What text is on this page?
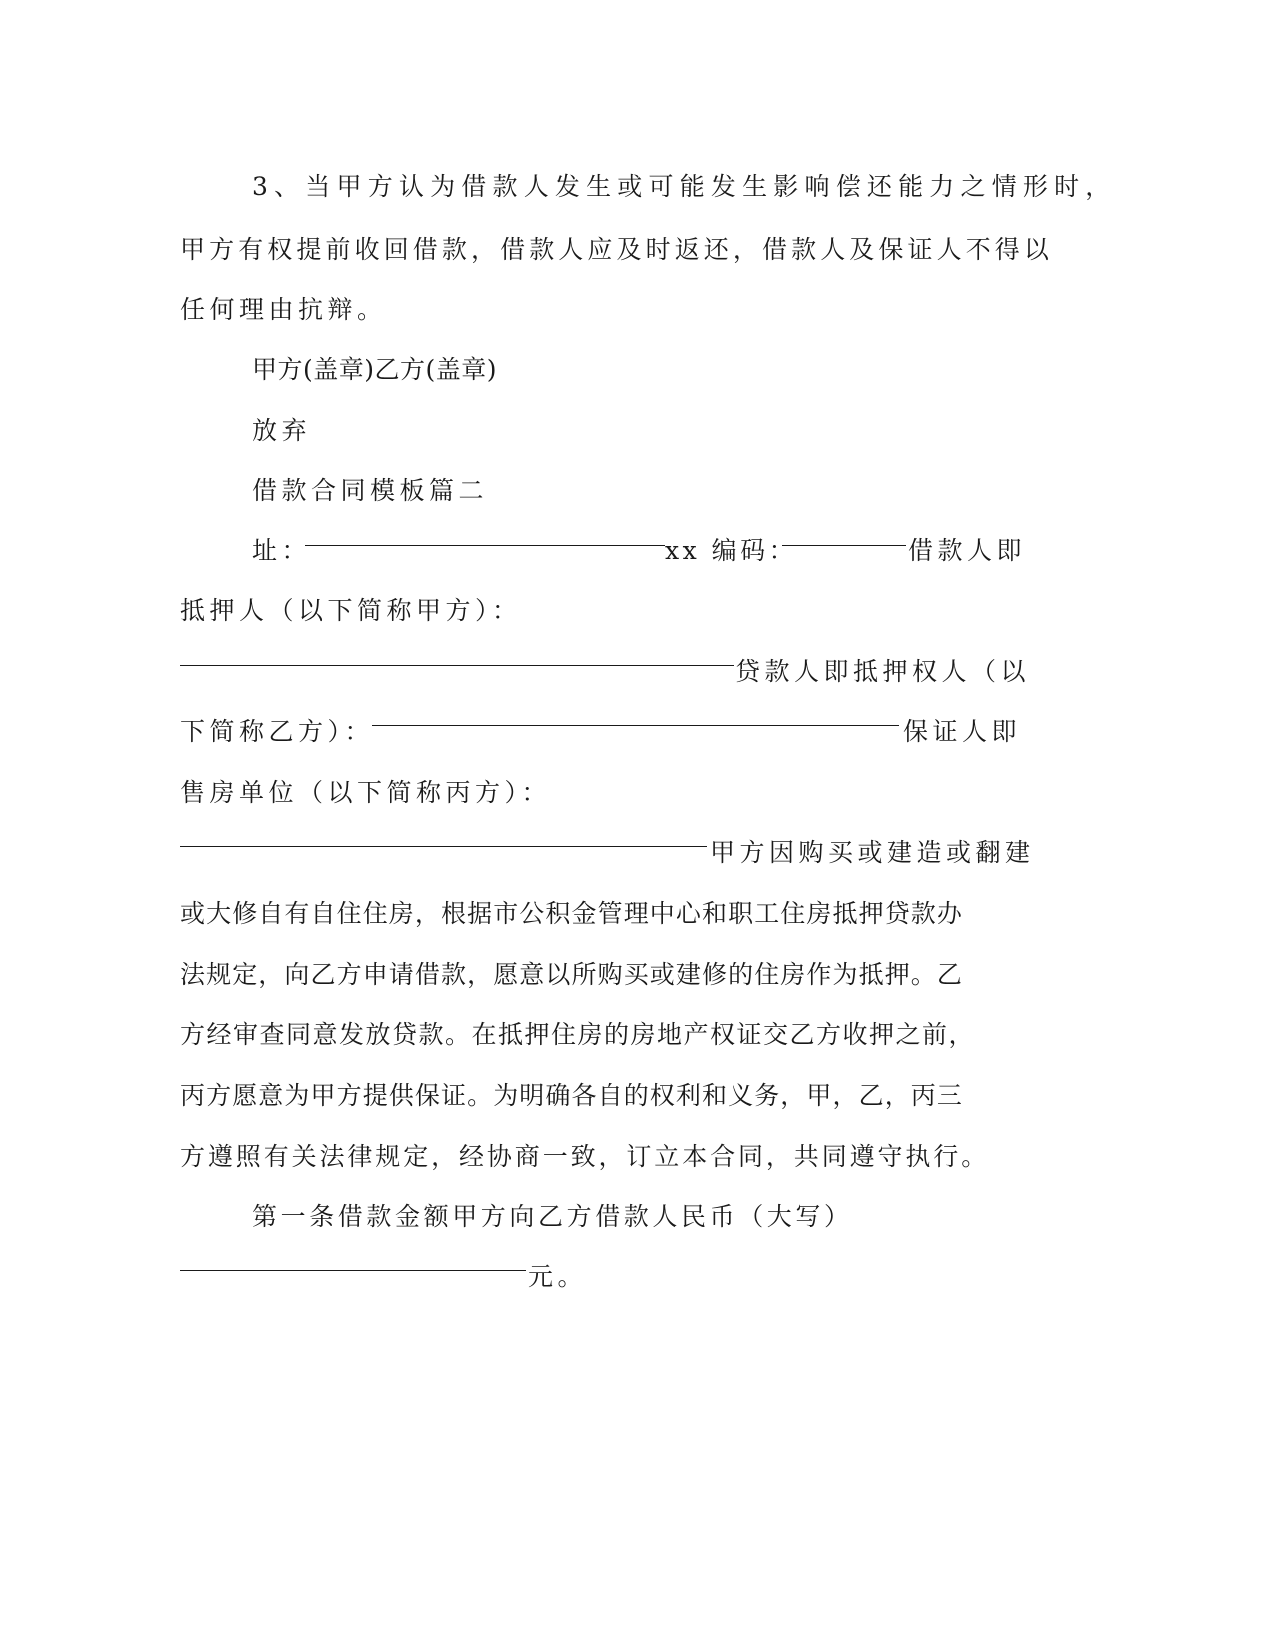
3、当甲方认为借款人发生或可能发生影响偿还能力之情形时，
甲方有权提前收回借款，借款人应及时返还，借款人及保证人不得以
任何理由抗辩。
甲方(盖章)乙方(盖章)
放弃
借款合同模板篇二
址：	xx 编码：	借款人即
抵押人（以下简称甲方）：
贷款人即抵押权人（以
下简称乙方）：	保证人即
售房单位（以下简称丙方）：
甲方因购买或建造或翻建
或大修自有自住住房，根据市公积金管理中心和职工住房抵押贷款办
法规定，向乙方申请借款，愿意以所购买或建修的住房作为抵押。乙
方经审查同意发放贷款。在抵押住房的房地产权证交乙方收押之前，
丙方愿意为甲方提供保证。为明确各自的权利和义务，甲，乙，丙三
方遵照有关法律规定，经协商一致，订立本合同，共同遵守执行。
第一条借款金额甲方向乙方借款人民币（大写）
元。
